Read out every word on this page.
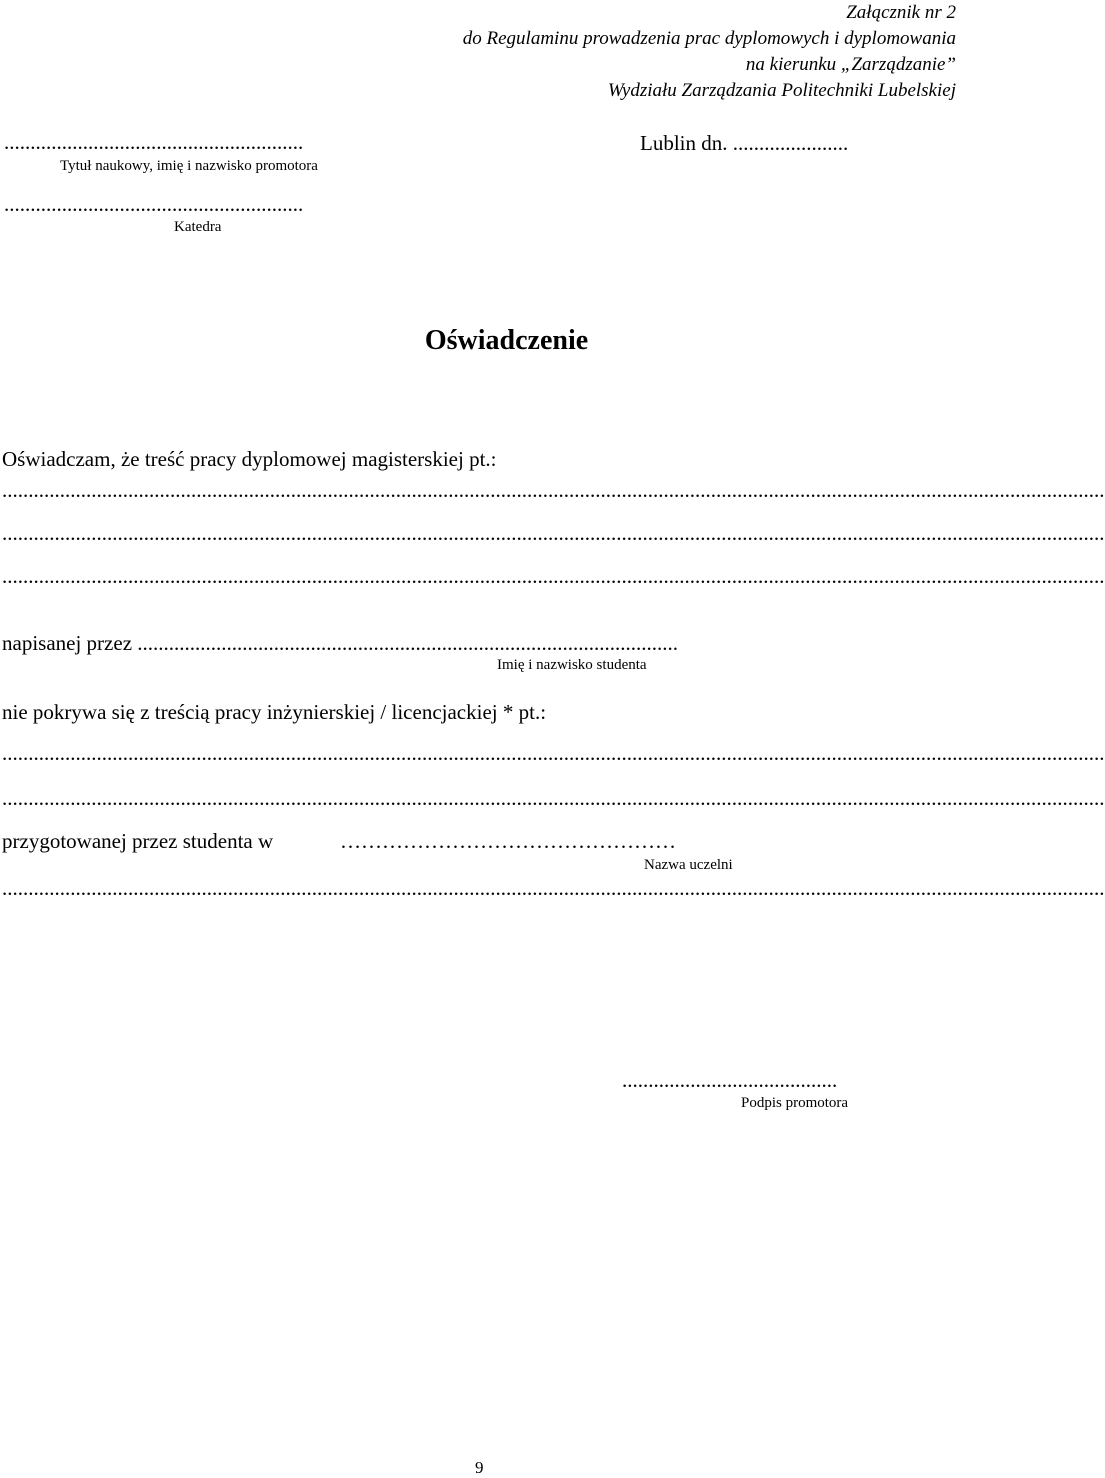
Załącznik nr 2
do Regulaminu prowadzenia prac dyplomowych i dyplomowania
na kierunku „Zarządzanie”
Wydziału Zarządzania Politechniki Lubelskiej
.........................................................
Tytuł naukowy, imię i nazwisko promotora
Lublin dn. ......................
.........................................................
Katedra
Oświadczenie
Oświadczam, że treść pracy dyplomowej magisterskiej pt.:
..................................................................................................................................................................................................................
..................................................................................................................................................................................................................
..................................................................................................................................................................................................................
napisanej przez .......................................................................................................
Imię i nazwisko studenta
nie pokrywa się z treścią pracy inżynierskiej / licencjackiej * pt.:
..................................................................................................................................................................................................................
..................................................................................................................................................................................................................
przygotowanej przez studenta w	…………………………………………
Nazwa uczelni
..................................................................................................................................................................................................................
.........................................
Podpis promotora
9
